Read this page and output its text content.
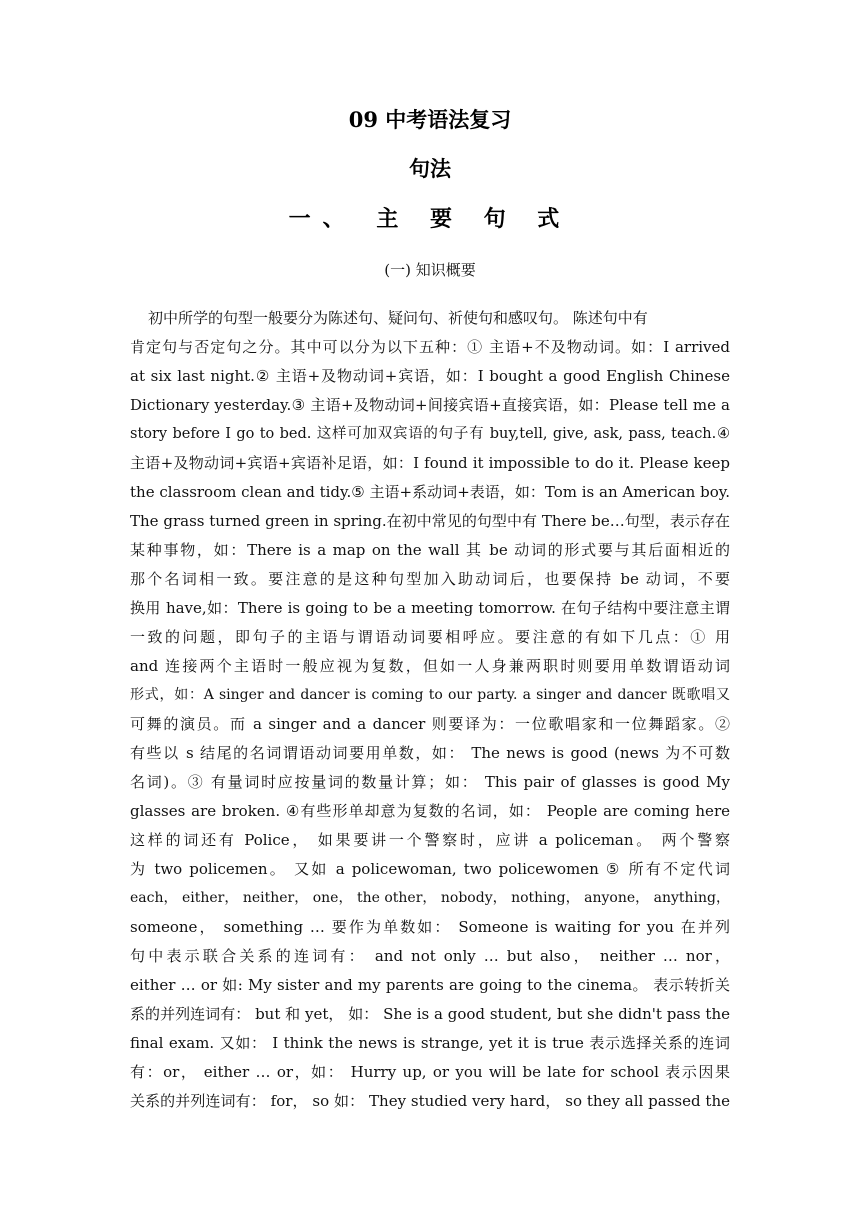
09 中考语法复习
句法
一、 主 要 句 式
(一) 知识概要
初中所学的句型一般要分为陈述句、疑问句、祈使句和感叹句。 陈述句中有
肯定句与否定句之分。其中可以分为以下五种：① 主语+不及物动词。如：I arrived
at six last night.② 主语+及物动词+宾语，如：I bought a good English Chinese
Dictionary yesterday.③ 主语+及物动词+间接宾语+直接宾语，如：Please tell me a
story before I go to bed. 这样可加双宾语的句子有 buy,tell, give, ask, pass, teach.④
主语+及物动词+宾语+宾语补足语，如：I found it impossible to do it. Please keep
the classroom clean and tidy.⑤ 主语+系动词+表语，如：Tom is an American boy.
The grass turned green in spring.在初中常见的句型中有 There be…句型，表示存在
某种事物，如：There is a map on the wall 其 be 动词的形式要与其后面相近的
那个名词相一致。要注意的是这种句型加入助动词后，也要保持 be 动词，不要
换用 have,如：There is going to be a meeting tomorrow. 在句子结构中要注意主谓
一致的问题，即句子的主语与谓语动词要相呼应。要注意的有如下几点：① 用
and 连接两个主语时一般应视为复数，但如一人身兼两职时则要用单数谓语动词
形式，如：A singer and dancer is coming to our party. a singer and dancer 既歌唱又
可舞的演员。而 a singer and a dancer 则要译为：一位歌唱家和一位舞蹈家。②
有些以 s 结尾的名词谓语动词要用单数，如： The news is good (news 为不可数
名词)。③ 有量词时应按量词的数量计算；如： This pair of glasses is good My
glasses are broken. ④有些形单却意为复数的名词，如： People are coming here
这样的词还有 Police， 如果要讲一个警察时，应讲 a policeman。 两个警察
为 two policemen。 又如 a policewoman, two policewomen ⑤ 所有不定代词
each， either， neither， one， the other， nobody， nothing， anyone， anything，
someone， something … 要作为单数如： Someone is waiting for you 在并列
句中表示联合关系的连词有： and not only … but also， neither … nor，
either … or 如: My sister and my parents are going to the cinema。 表示转折关
系的并列连词有： but 和 yet， 如： She is a good student, but she didn't pass the
final exam. 又如： I think the news is strange, yet it is true 表示选择关系的连词
有：or， either … or，如： Hurry up, or you will be late for school 表示因果
关系的并列连词有： for， so 如： They studied very hard， so they all passed the
